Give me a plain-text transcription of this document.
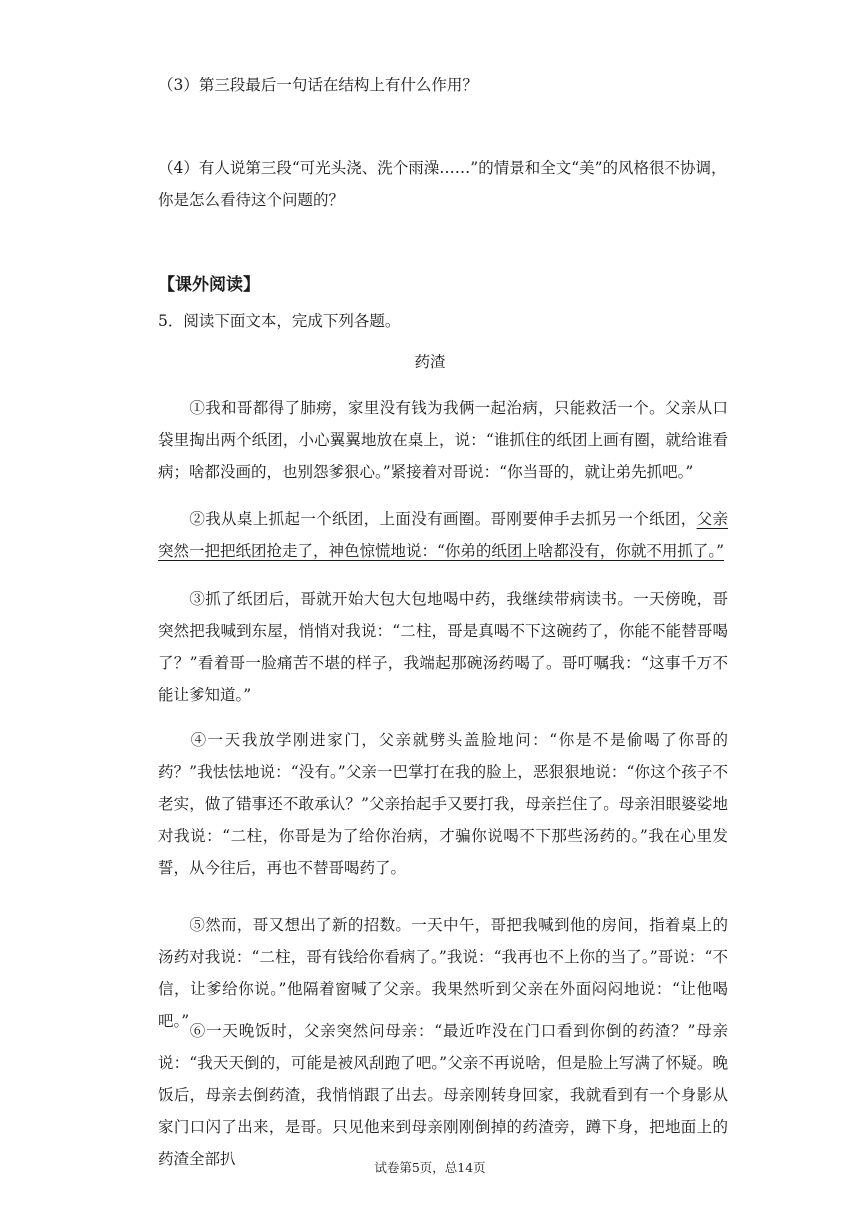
（3）第三段最后一句话在结构上有什么作用？
（4）有人说第三段“可光头浇、洗个雨澡……”的情景和全文“美”的风格很不协调，
你是怎么看待这个问题的？
【课外阅读】
5．阅读下面文本，完成下列各题。
药渣
①我和哥都得了肺痨，家里没有钱为我俩一起治病，只能救活一个。父亲从口袋里掏出两个纸团，小心翼翼地放在桌上，说：“谁抓住的纸团上画有圈，就给谁看病；啥都没画的，也别怨爹狠心。”紧接着对哥说：“你当哥的，就让弟先抓吧。”
②我从桌上抓起一个纸团，上面没有画圈。哥刚要伸手去抓另一个纸团，父亲突然一把把纸团抢走了，神色惊慌地说：“你弟的纸团上啥都没有，你就不用抓了。”
③抓了纸团后，哥就开始大包大包地喝中药，我继续带病读书。一天傍晚，哥突然把我喊到东屋，悄悄对我说：“二柱，哥是真喝不下这碗药了，你能不能替哥喝了？”看着哥一脸痛苦不堪的样子，我端起那碗汤药喝了。哥叮嘱我：“这事千万不能让爹知道。”
④一天我放学刚进家门，父亲就劈头盖脸地问：“你是不是偷喝了你哥的药？”我怯怯地说：“没有。”父亲一巴掌打在我的脸上，恶狠狠地说：“你这个孩子不老实，做了错事还不敢承认？”父亲抬起手又要打我，母亲拦住了。母亲泪眼婆娑地对我说：“二柱，你哥是为了给你治病，才骗你说喝不下那些汤药的。”我在心里发誓，从今往后，再也不替哥喝药了。
⑤然而，哥又想出了新的招数。一天中午，哥把我喊到他的房间，指着桌上的汤药对我说：“二柱，哥有钱给你看病了。”我说：“我再也不上你的当了。”哥说：“不信，让爹给你说。”他隔着窗喊了父亲。我果然听到父亲在外面闷闷地说：“让他喝吧。”
⑥一天晚饭时，父亲突然问母亲：“最近咋没在门口看到你倒的药渣？”母亲说：“我天天倒的，可能是被风刮跑了吧。”父亲不再说啥，但是脸上写满了怀疑。晚饭后，母亲去倒药渣，我悄悄跟了出去。母亲刚转身回家，我就看到有一个身影从家门口闪了出来，是哥。只见他来到母亲刚刚倒掉的药渣旁，蹲下身，把地面上的药渣全部扒	试卷第5页，总14页
